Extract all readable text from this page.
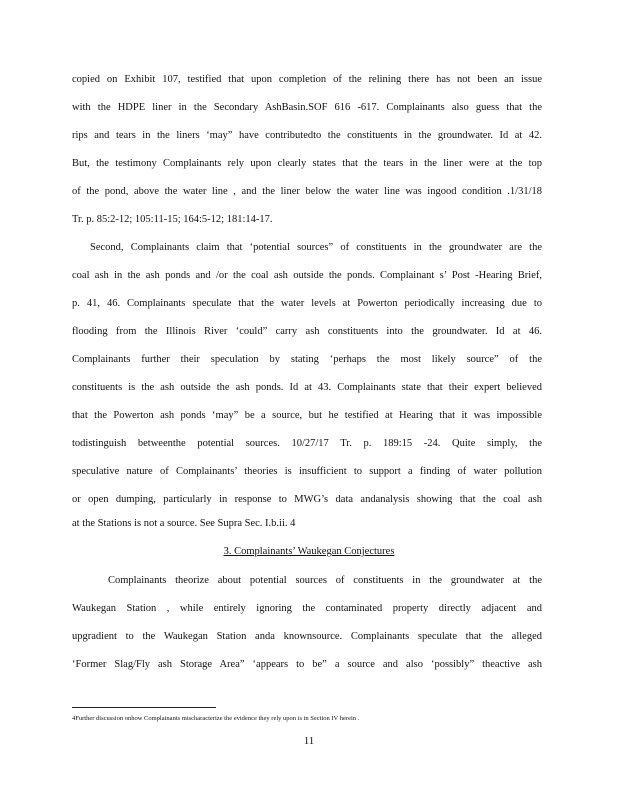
copied on Exhibit 107, testified that upon completion of the relining there has not been an issue
with the HDPE liner in the Secondary AshBasin.SOF 616 -617. Complainants also guess that the
rips and tears in the liners ‘may” have contributedto the constituents in the groundwater. Id at 42.
But, the testimony Complainants rely upon clearly states that the tears in the liner were at the top
of the pond, above the water line , and the liner below the water line was ingood condition .1/31/18
Tr. p. 85:2-12; 105:11-15; 164:5-12; 181:14-17.
Second, Complainants claim that ‘potential sources” of constituents in the groundwater are the
coal ash in the ash ponds and /or the coal ash outside the ponds. Complainant s’ Post -Hearing Brief,
p. 41, 46. Complainants speculate that the water levels at Powerton periodically increasing due to
flooding from the Illinois River ‘could” carry ash constituents into the groundwater. Id at 46.
Complainants further their speculation by stating ‘perhaps the most likely source” of the
constituents is the ash outside the ash ponds. Id at 43. Complainants state that their expert believed
that the Powerton ash ponds ‘may” be a source, but he testified at Hearing that it was impossible
todistinguish betweenthe potential sources. 10/27/17 Tr. p. 189:15 -24. Quite simply, the
speculative nature of Complainants’ theories is insufficient to support a finding of water pollution
or open dumping, particularly in response to MWG’s data andanalysis showing that the coal ash
at the Stations is not a source. See Supra Sec. I.b.ii. 4
3. Complainants’ Waukegan Conjectures
Complainants theorize about potential sources of constituents in the groundwater at the
Waukegan Station , while entirely ignoring the contaminated property directly adjacent and
upgradient to the Waukegan Station anda knownsource. Complainants speculate that the alleged
‘Former Slag/Fly ash Storage Area” ‘appears to be” a source and also ‘possibly” theactive ash
4Further discussion onhow Complainants mischaracterize the evidence they rely upon is in Section IV herein .
11
